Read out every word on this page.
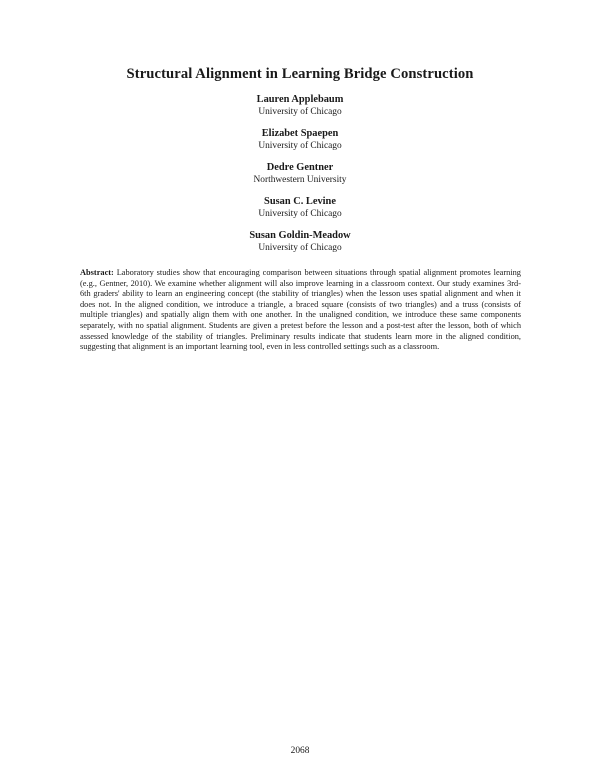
Structural Alignment in Learning Bridge Construction
Lauren Applebaum
University of Chicago
Elizabet Spaepen
University of Chicago
Dedre Gentner
Northwestern University
Susan C. Levine
University of Chicago
Susan Goldin-Meadow
University of Chicago
Abstract: Laboratory studies show that encouraging comparison between situations through spatial alignment promotes learning (e.g., Gentner, 2010). We examine whether alignment will also improve learning in a classroom context. Our study examines 3rd-6th graders' ability to learn an engineering concept (the stability of triangles) when the lesson uses spatial alignment and when it does not. In the aligned condition, we introduce a triangle, a braced square (consists of two triangles) and a truss (consists of multiple triangles) and spatially align them with one another. In the unaligned condition, we introduce these same components separately, with no spatial alignment. Students are given a pretest before the lesson and a post-test after the lesson, both of which assessed knowledge of the stability of triangles. Preliminary results indicate that students learn more in the aligned condition, suggesting that alignment is an important learning tool, even in less controlled settings such as a classroom.
2068
